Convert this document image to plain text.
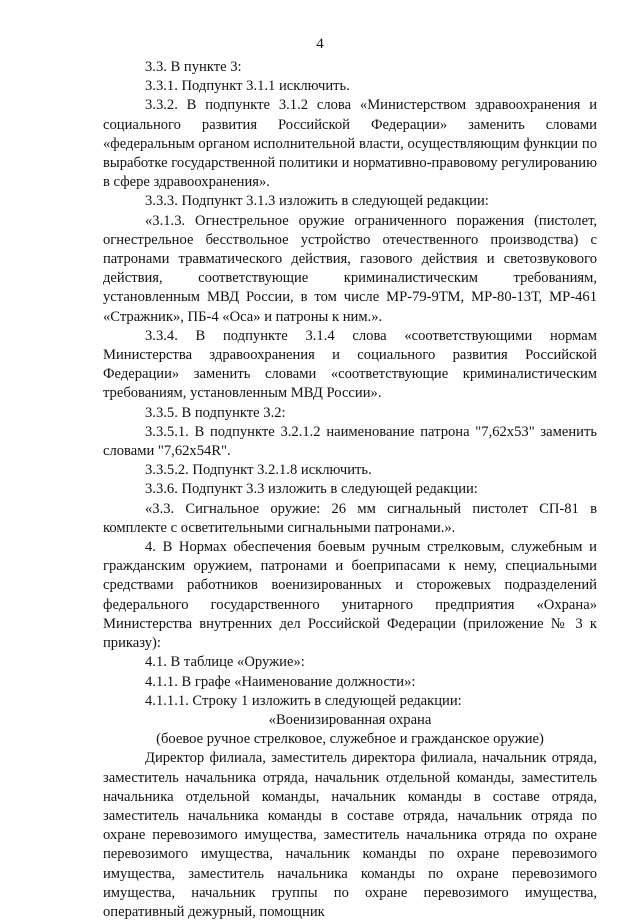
4

3.3. В пункте 3:

3.3.1. Подпункт 3.1.1 исключить.

3.3.2. В подпункте 3.1.2 слова «Министерством здравоохранения и социального развития Российской Федерации» заменить словами «федеральным органом исполнительной власти, осуществляющим функции по выработке государственной политики и нормативно-правовому регулированию в сфере здравоохранения».

3.3.3. Подпункт 3.1.3 изложить в следующей редакции:

«3.1.3. Огнестрельное оружие ограниченного поражения (пистолет, огнестрельное бесствольное устройство отечественного производства) с патронами травматического действия, газового действия и светозвукового действия, соответствующие криминалистическим требованиям, установленным МВД России, в том числе МР-79-9ТМ, МР-80-13Т, МР-461 «Стражник», ПБ-4 «Оса» и патроны к ним.».

3.3.4. В подпункте 3.1.4 слова «соответствующими нормам Министерства здравоохранения и социального развития Российской Федерации» заменить словами «соответствующие криминалистическим требованиям, установленным МВД России».

3.3.5. В подпункте 3.2:

3.3.5.1. В подпункте 3.2.1.2 наименование патрона "7,62x53" заменить словами "7,62x54R".

3.3.5.2. Подпункт 3.2.1.8 исключить.

3.3.6. Подпункт 3.3 изложить в следующей редакции:

«3.3. Сигнальное оружие: 26 мм сигнальный пистолет СП-81 в комплекте с осветительными сигнальными патронами.».

4. В Нормах обеспечения боевым ручным стрелковым, служебным и гражданским оружием, патронами и боеприпасами к нему, специальными средствами работников военизированных и сторожевых подразделений федерального государственного унитарного предприятия «Охрана» Министерства внутренних дел Российской Федерации (приложение № 3 к приказу):

4.1. В таблице «Оружие»:

4.1.1. В графе «Наименование должности»:

4.1.1.1. Строку 1 изложить в следующей редакции:

«Военизированная охрана

(боевое ручное стрелковое, служебное и гражданское оружие)

Директор филиала, заместитель директора филиала, начальник отряда, заместитель начальника отряда, начальник отдельной команды, заместитель начальника отдельной команды, начальник команды в составе отряда, заместитель начальника команды в составе отряда, начальник отряда по охране перевозимого имущества, заместитель начальника отряда по охране перевозимого имущества, начальник команды по охране перевозимого имущества, заместитель начальника команды по охране перевозимого имущества, начальник группы по охране перевозимого имущества, оперативный дежурный, помощник
